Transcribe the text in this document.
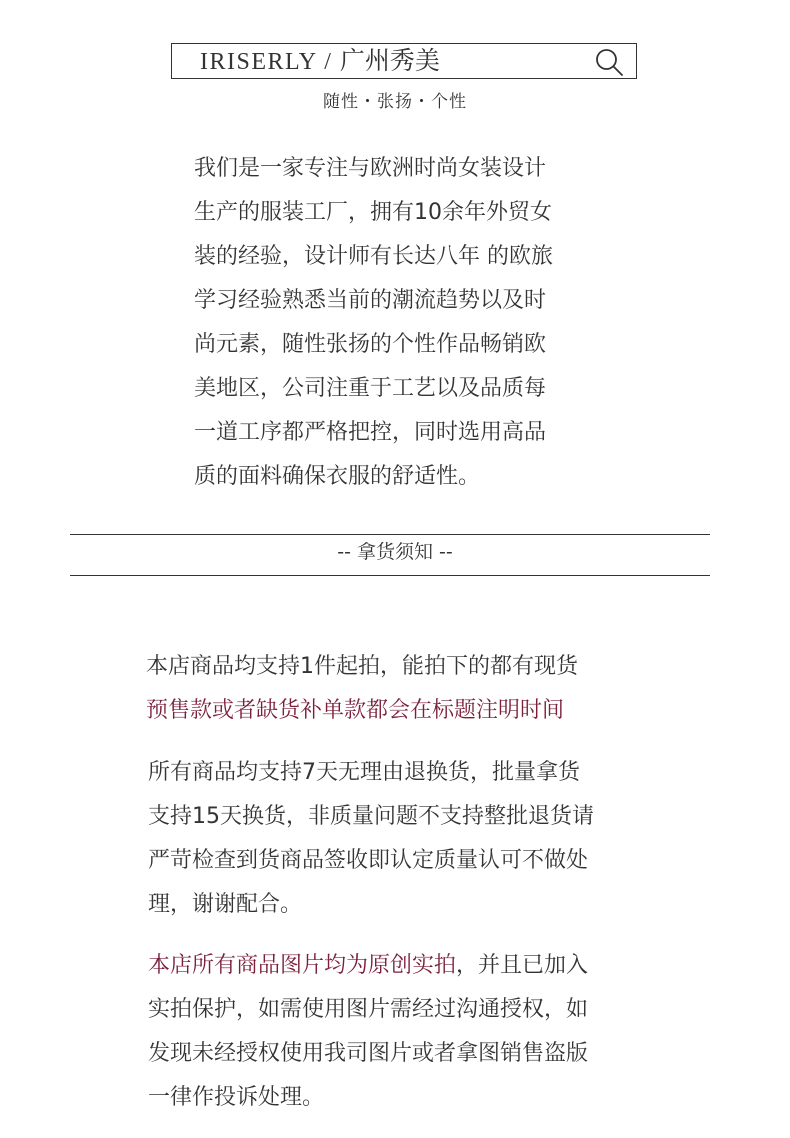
IRISERLY / 广州秀美
随性・张扬・个性
我们是一家专注与欧洲时尚女装设计
生产的服装工厂，拥有10余年外贸女
装的经验，设计师有长达八年 的欧旅
学习经验熟悉当前的潮流趋势以及时
尚元素，随性张扬的个性作品畅销欧
美地区，公司注重于工艺以及品质每
一道工序都严格把控，同时选用高品
质的面料确保衣服的舒适性。
-- 拿货须知 --
本店商品均支持1件起拍，能拍下的都有现货
预售款或者缺货补单款都会在标题注明时间
所有商品均支持7天无理由退换货，批量拿货
支持15天换货，非质量问题不支持整批退货请
严苛检查到货商品签收即认定质量认可不做处
理，谢谢配合。
本店所有商品图片均为原创实拍，并且已加入
实拍保护，如需使用图片需经过沟通授权，如
发现未经授权使用我司图片或者拿图销售盗版
一律作投诉处理。
